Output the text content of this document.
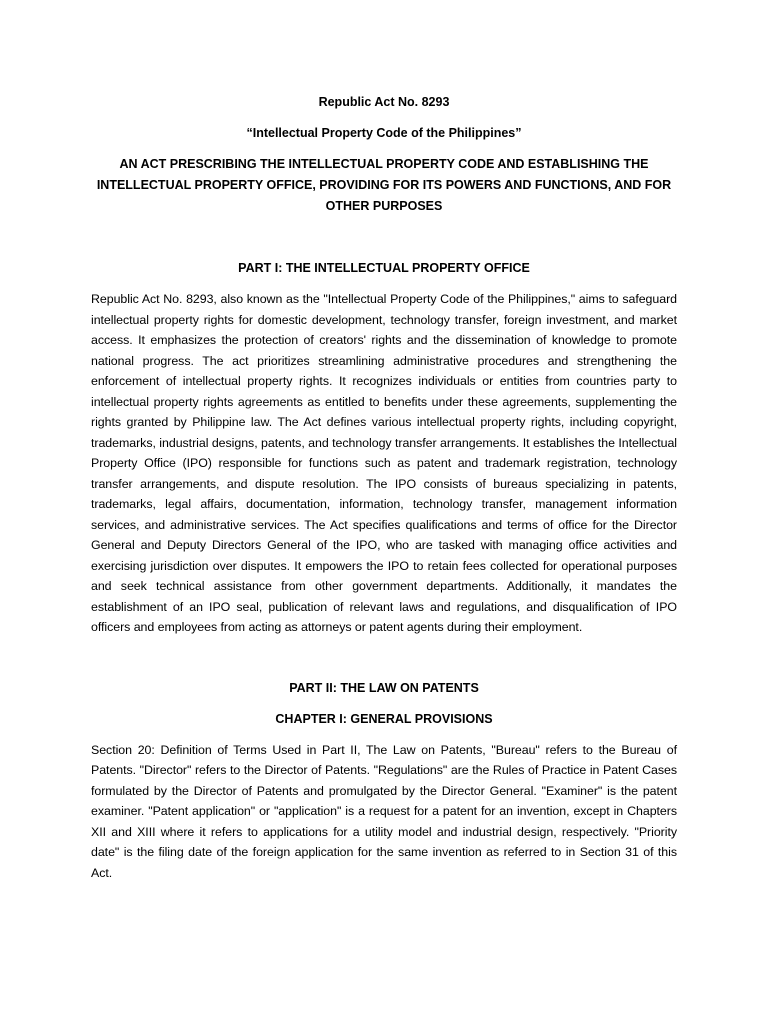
Republic Act No. 8293

“Intellectual Property Code of the Philippines”

AN ACT PRESCRIBING THE INTELLECTUAL PROPERTY CODE AND ESTABLISHING THE INTELLECTUAL PROPERTY OFFICE, PROVIDING FOR ITS POWERS AND FUNCTIONS, AND FOR OTHER PURPOSES

PART I: THE INTELLECTUAL PROPERTY OFFICE

Republic Act No. 8293, also known as the "Intellectual Property Code of the Philippines," aims to safeguard intellectual property rights for domestic development, technology transfer, foreign investment, and market access. It emphasizes the protection of creators' rights and the dissemination of knowledge to promote national progress. The act prioritizes streamlining administrative procedures and strengthening the enforcement of intellectual property rights. It recognizes individuals or entities from countries party to intellectual property rights agreements as entitled to benefits under these agreements, supplementing the rights granted by Philippine law. The Act defines various intellectual property rights, including copyright, trademarks, industrial designs, patents, and technology transfer arrangements. It establishes the Intellectual Property Office (IPO) responsible for functions such as patent and trademark registration, technology transfer arrangements, and dispute resolution. The IPO consists of bureaus specializing in patents, trademarks, legal affairs, documentation, information, technology transfer, management information services, and administrative services. The Act specifies qualifications and terms of office for the Director General and Deputy Directors General of the IPO, who are tasked with managing office activities and exercising jurisdiction over disputes. It empowers the IPO to retain fees collected for operational purposes and seek technical assistance from other government departments. Additionally, it mandates the establishment of an IPO seal, publication of relevant laws and regulations, and disqualification of IPO officers and employees from acting as attorneys or patent agents during their employment.

PART II: THE LAW ON PATENTS

CHAPTER I: GENERAL PROVISIONS

Section 20: Definition of Terms Used in Part II, The Law on Patents, "Bureau" refers to the Bureau of Patents. "Director" refers to the Director of Patents. "Regulations" are the Rules of Practice in Patent Cases formulated by the Director of Patents and promulgated by the Director General. "Examiner" is the patent examiner. "Patent application" or "application" is a request for a patent for an invention, except in Chapters XII and XIII where it refers to applications for a utility model and industrial design, respectively. "Priority date" is the filing date of the foreign application for the same invention as referred to in Section 31 of this Act.
